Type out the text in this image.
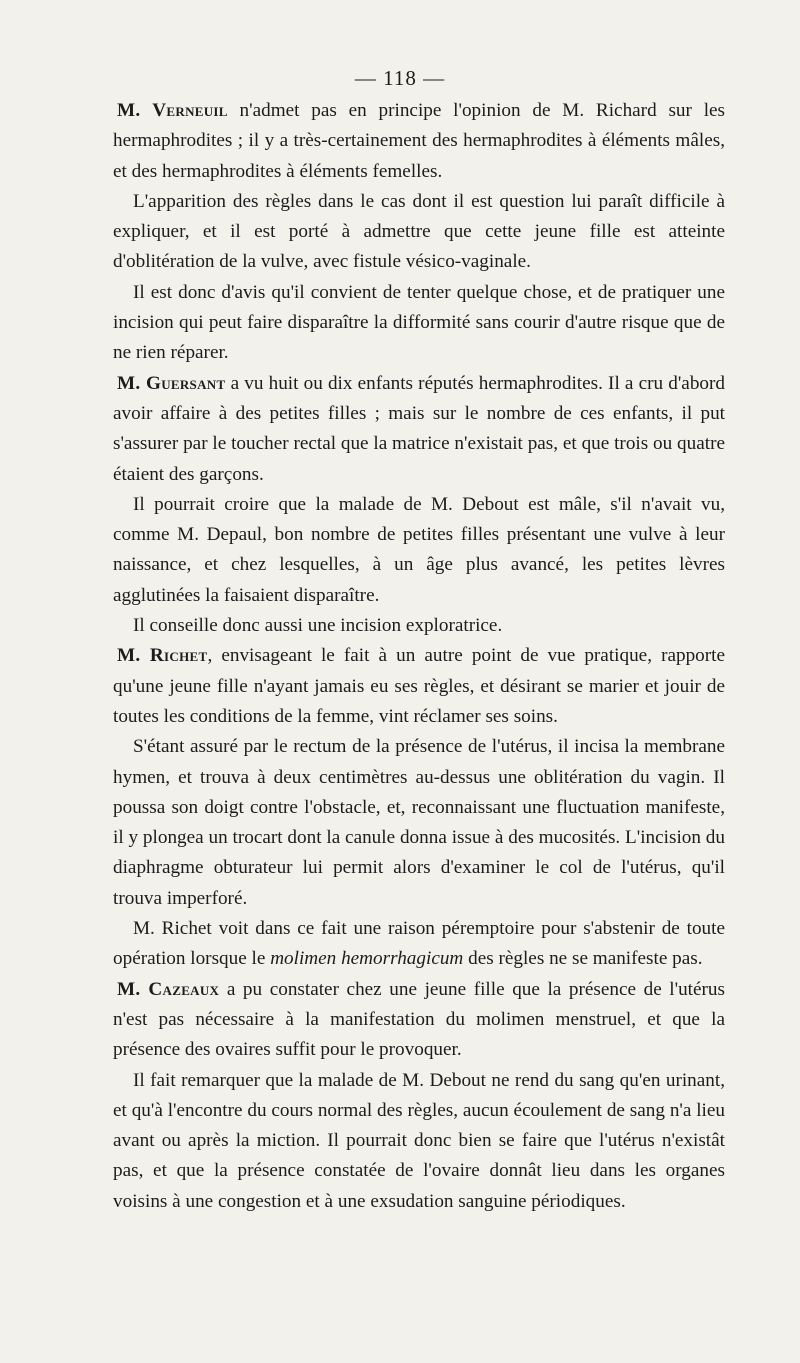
— 118 —

M. Verneuil n'admet pas en principe l'opinion de M. Richard sur les hermaphrodites ; il y a très-certainement des hermaphrodites à éléments mâles, et des hermaphrodites à éléments femelles.

L'apparition des règles dans le cas dont il est question lui paraît difficile à expliquer, et il est porté à admettre que cette jeune fille est atteinte d'oblitération de la vulve, avec fistule vésico-vaginale.

Il est donc d'avis qu'il convient de tenter quelque chose, et de pratiquer une incision qui peut faire disparaître la difformité sans courir d'autre risque que de ne rien réparer.

M. Guersant a vu huit ou dix enfants réputés hermaphrodites. Il a cru d'abord avoir affaire à des petites filles ; mais sur le nombre de ces enfants, il put s'assurer par le toucher rectal que la matrice n'existait pas, et que trois ou quatre étaient des garçons.

Il pourrait croire que la malade de M. Debout est mâle, s'il n'avait vu, comme M. Depaul, bon nombre de petites filles présentant une vulve à leur naissance, et chez lesquelles, à un âge plus avancé, les petites lèvres agglutinées la faisaient disparaître.

Il conseille donc aussi une incision exploratrice.

M. Richet, envisageant le fait à un autre point de vue pratique, rapporte qu'une jeune fille n'ayant jamais eu ses règles, et désirant se marier et jouir de toutes les conditions de la femme, vint réclamer ses soins.

S'étant assuré par le rectum de la présence de l'utérus, il incisa la membrane hymen, et trouva à deux centimètres au-dessus une oblitération du vagin. Il poussa son doigt contre l'obstacle, et, reconnaissant une fluctuation manifeste, il y plongea un trocart dont la canule donna issue à des mucosités. L'incision du diaphragme obturateur lui permit alors d'examiner le col de l'utérus, qu'il trouva imperforé.

M. Richet voit dans ce fait une raison péremptoire pour s'abstenir de toute opération lorsque le molimen hemorrhagicum des règles ne se manifeste pas.

M. Cazeaux a pu constater chez une jeune fille que la présence de l'utérus n'est pas nécessaire à la manifestation du molimen menstruel, et que la présence des ovaires suffit pour le provoquer.

Il fait remarquer que la malade de M. Debout ne rend du sang qu'en urinant, et qu'à l'encontre du cours normal des règles, aucun écoulement de sang n'a lieu avant ou après la miction. Il pourrait donc bien se faire que l'utérus n'existât pas, et que la présence constatée de l'ovaire donnât lieu dans les organes voisins à une congestion et à une exsudation sanguine périodiques.
